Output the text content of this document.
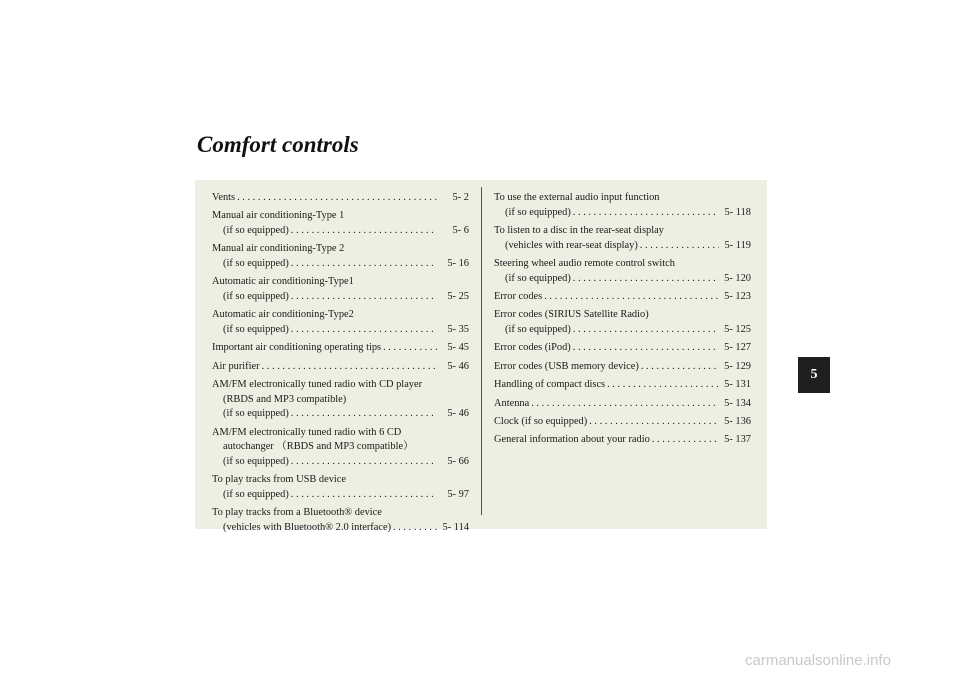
Comfort controls
Vents . . .	5- 2
Manual air conditioning-Type 1
(if so equipped) . . .	5- 6
Manual air conditioning-Type 2
(if so equipped) . . .	5- 16
Automatic air conditioning-Type1
(if so equipped) . . .	5- 25
Automatic air conditioning-Type2
(if so equipped) . . .	5- 35
Important air conditioning operating tips . . .	5- 45
Air purifier . . .	5- 46
AM/FM electronically tuned radio with CD player
(RBDS and MP3 compatible)
(if so equipped) . . .	5- 46
AM/FM electronically tuned radio with 6 CD
autochanger （RBDS and MP3 compatible）
(if so equipped) . . .	5- 66
To play tracks from USB device
(if so equipped) . . .	5- 97
To play tracks from a Bluetooth® device
(vehicles with Bluetooth® 2.0 interface) . . .	5- 114
To use the external audio input function
(if so equipped) . . .	5- 118
To listen to a disc in the rear-seat display
(vehicles with rear-seat display) . . .	5- 119
Steering wheel audio remote control switch
(if so equipped) . . .	5- 120
Error codes . . .	5- 123
Error codes (SIRIUS Satellite Radio)
(if so equipped) . . .	5- 125
Error codes (iPod) . . .	5- 127
Error codes (USB memory device) . . .	5- 129
Handling of compact discs . . .	5- 131
Antenna . . .	5- 134
Clock (if so equipped) . . .	5- 136
General information about your radio . . .	5- 137
5
carmanualsonline.info
